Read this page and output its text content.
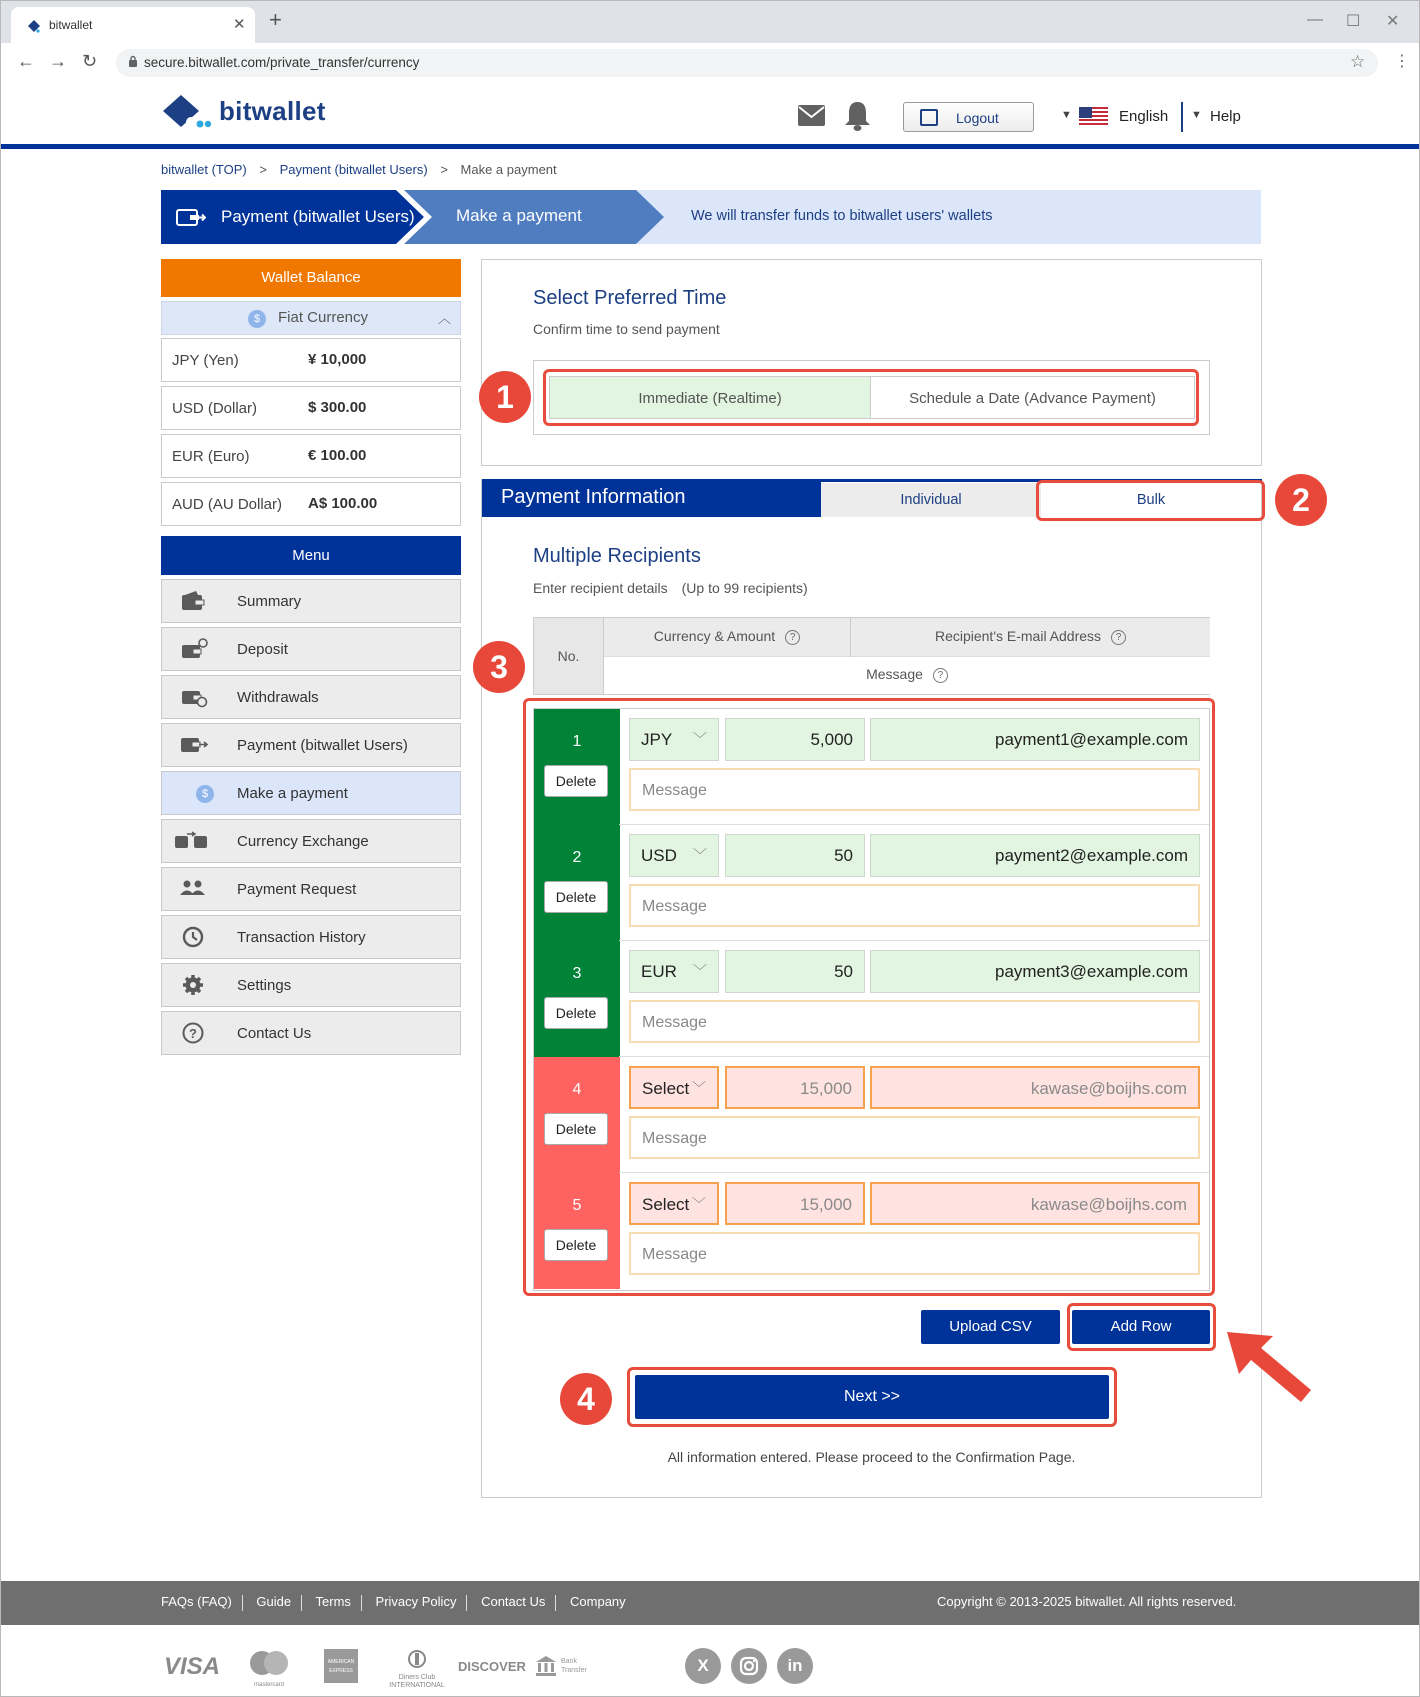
bitwallet	✕ +	— ☐ ✕
← → ↻	secure.bitwallet.com/private_transfer/currency	☆ ⋮
bitwallet	Logout	▼	English ▼ Help
bitwallet (TOP) > Payment (bitwallet Users) > Make a payment
Payment (bitwallet Users) Make a payment	We will transfer funds to bitwallet users' wallets
Wallet Balance
$	Fiat Currency	︿
JPY (Yen)	¥ 10,000
USD (Dollar)	$ 300.00
EUR (Euro)	€ 100.00
AUD (AU Dollar) A$ 100.00
Menu
Summary
Deposit
Withdrawals
Payment (bitwallet Users)
$	Make a payment
Currency Exchange
Payment Request
Transaction History
Settings
?	Contact Us
Select Preferred Time
Confirm time to send payment
Immediate (Realtime)	Schedule a Date (Advance Payment)
Payment Information	Individual	Bulk
Multiple Recipients
Enter recipient details　(Up to 99 recipients)
No.
Currency & Amount ?	Recipient's E-mail Address ?
Message ?
1
Delete
JPY ﹀	5,000	payment1@example.com
Message
2
Delete
USD ﹀	50	payment2@example.com
Message
3
Delete
EUR ﹀	50	payment3@example.com
Message
4
Delete
Select ﹀	15,000	kawase@boijhs.com
Message
5
Delete
Select ﹀	15,000	kawase@boijhs.com
Message
Upload CSV	Add Row
Next >>
All information entered. Please proceed to the Confirmation Page.
1
2
3
4
FAQs (FAQ) Guide Terms Privacy Policy Contact Us Company	Copyright © 2013-2025 bitwallet. All rights reserved.
VISA
mastercard
AMERICAN EXPRESS
Diners Club INTERNATIONAL
DISCOVER	Bank Transfer	X	in
